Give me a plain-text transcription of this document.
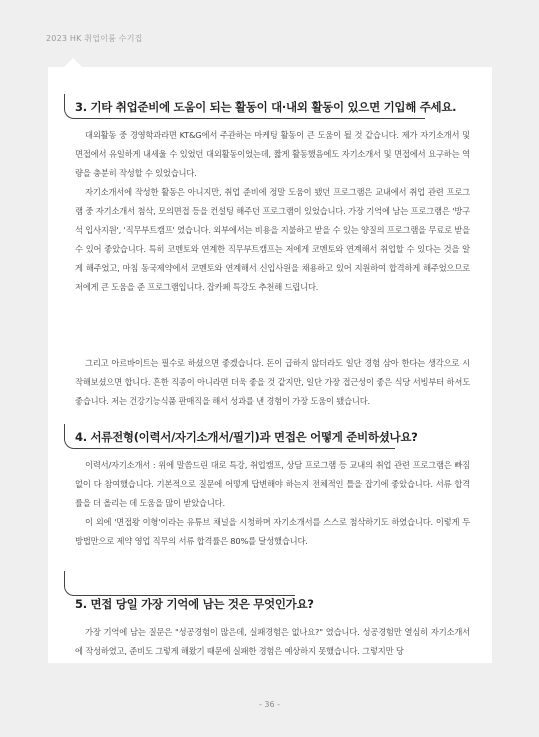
2023 HK 취업이룸 수기집
3. 기타 취업준비에 도움이 되는 활동이 대·내외 활동이 있으면 기입해 주세요.

대외활동 중 경영학과라면 KT&G에서 주관하는 마케팅 활동이 큰 도움이 될 것 같습니다. 제가 자기소개서 및 면접에서 유일하게 내세울 수 있었던 대외활동이었는데, 짧게 활동했음에도 자기소개서 및 면접에서 요구하는 역량을 충분히 작성할 수 있었습니다.

자기소개서에 작성한 활동은 아니지만, 취업 준비에 정말 도움이 됐던 프로그램은 교내에서 취업 관련 프로그램 중 자기소개서 첨삭, 모의면접 등을 컨설팅 해주던 프로그램이 있었습니다. 가장 기억에 남는 프로그램은 '방구석 입사지원', '직무부트캠프' 였습니다. 외부에서는 비용을 지불하고 받을 수 있는 양질의 프로그램을 무료로 받을 수 있어 좋았습니다. 특히 코멘토와 연계한 직무부트캠프는 저에게 코멘토와 연계해서 취업할 수 있다는 것을 알게 해주었고, 마침 동국제약에서 코멘토와 연계해서 신입사원을 채용하고 있어 지원하여 합격하게 해주었으므로 저에게 큰 도움을 준 프로그램입니다. 잡카페 특강도 추천해 드립니다.

그리고 아르바이트는 필수로 하셨으면 좋겠습니다. 돈이 급하지 않더라도 일단 경험 삼아 한다는 생각으로 시작해보셨으면 합니다. 흔한 직종이 아니라면 더욱 좋을 것 같지만, 일단 가장 접근성이 좋은 식당 서빙부터 하셔도 좋습니다. 저는 건강기능식품 판매직을 해서 성과를 낸 경험이 가장 도움이 됐습니다.

4. 서류전형(이력서/자기소개서/필기)과 면접은 어떻게 준비하셨나요?

이력서/자기소개서 : 위에 말씀드린 대로 특강, 취업캠프, 상담 프로그램 등 교내의 취업 관련 프로그램은 빠짐없이 다 참여했습니다. 기본적으로 질문에 어떻게 답변해야 하는지 전체적인 틀을 잡기에 좋았습니다. 서류 합격률을 더 올리는 데 도움을 많이 받았습니다.

이 외에 '면접왕 이형'이라는 유튜브 채널을 시청하며 자기소개서를 스스로 첨삭하기도 하였습니다. 이렇게 두 방법만으로 제약 영업 직무의 서류 합격률은 80%를 달성했습니다.

5. 면접 당일 가장 기억에 남는 것은 무엇인가요?

가장 기억에 남는 질문은 "성공경험이 많은데, 실패경험은 없나요?" 였습니다. 성공경험만 열심히 자기소개서에 작성하였고, 준비도 그렇게 해왔기 때문에 실패한 경험은 예상하지 못했습니다. 그렇지만 당

- 36 -
